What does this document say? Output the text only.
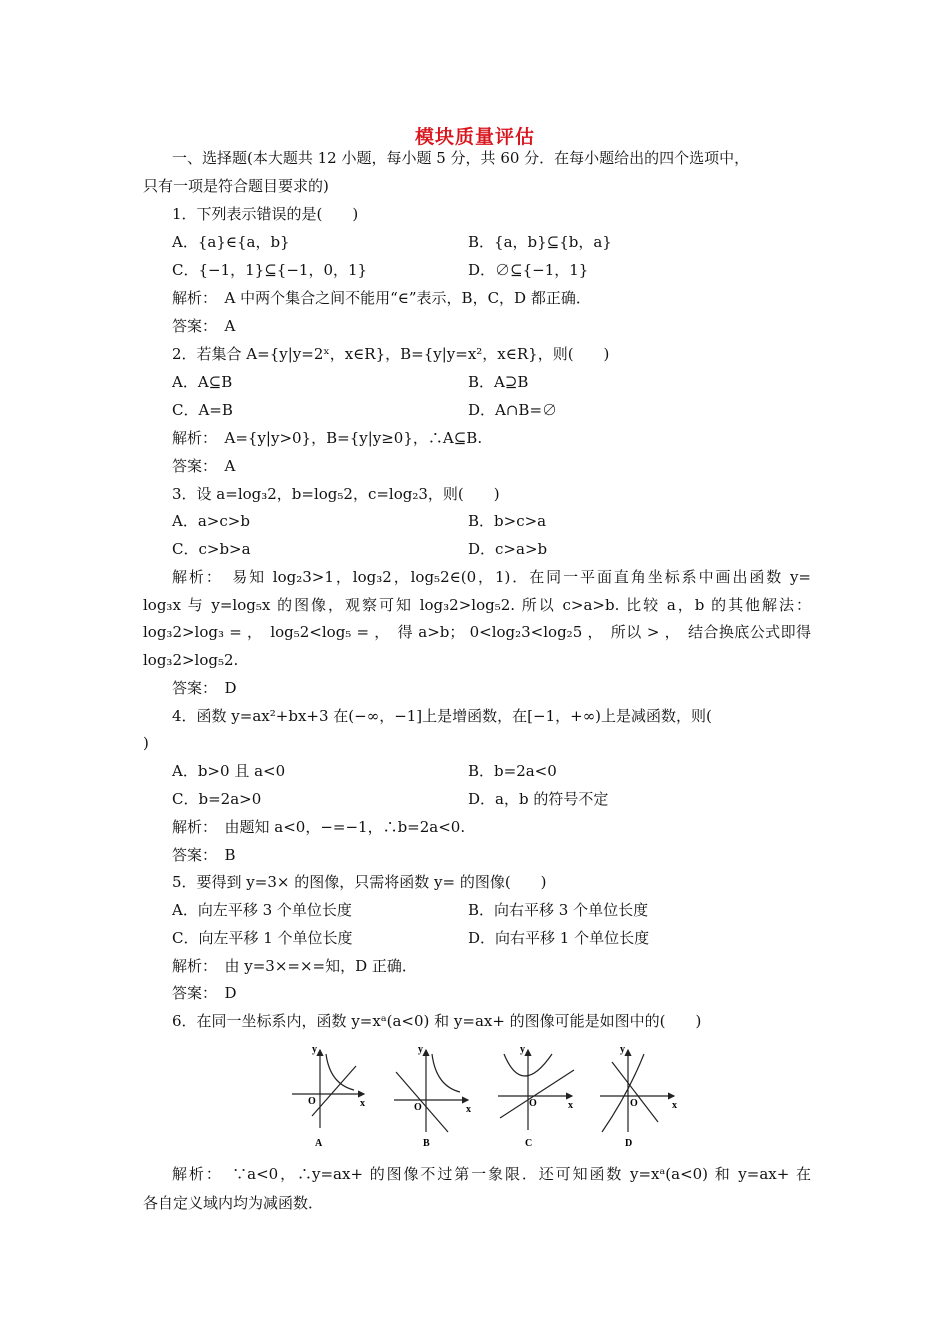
模块质量评估
一、选择题(本大题共 12 小题，每小题 5 分，共 60 分．在每小题给出的四个选项中，
只有一项是符合题目要求的)
1．下列表示错误的是(　　)
A．{a}∈{a，b}	B．{a，b}⊆{b，a}
C．{−1，1}⊆{−1，0，1}	D．∅⊆{−1，1}
解析：　A 中两个集合之间不能用“∈”表示，B，C，D 都正确．
答案：　A
2．若集合 A={y|y=2ˣ，x∈R}，B={y|y=x²，x∈R}，则(　　)
A．A⊆B	B．A⊇B
C．A=B	D．A∩B=∅
解析：　A={y|y>0}，B={y|y≥0}，∴A⊆B.
答案：　A
3．设 a=log₃2，b=log₅2，c=log₂3，则(　　)
A．a>c>b	B．b>c>a
C．c>b>a	D．c>a>b
解析：　易知 log₂3>1，log₃2，log₅2∈(0，1)．在同一平面直角坐标系中画出函数 y=
log₃x 与 y=log₅x 的图像，观察可知 log₃2>log₅2. 所以 c>a>b. 比较 a，b 的其他解法：
log₃2>log₃ = ，　log₅2<log₅ = ，　得 a>b； 0<log₂3<log₂5 ，　所以 > ，　结合换底公式即得
log₃2>log₅2.
答案：　D
4．函数 y=ax²+bx+3 在(−∞，−1]上是增函数，在[−1，+∞)上是减函数，则(
)
A．b>0 且 a<0	B．b=2a<0
C．b=2a>0	D．a，b 的符号不定
解析：　由题知 a<0，−=−1，∴b=2a<0.
答案：　B
5．要得到 y=3× 的图像，只需将函数 y= 的图像(　　)
A．向左平移 3 个单位长度	B．向右平移 3 个单位长度
C．向左平移 1 个单位长度	D．向右平移 1 个单位长度
解析：　由 y=3×=×=知，D 正确．
答案：　D
6．在同一坐标系内，函数 y=xᵃ(a<0) 和 y=ax+ 的图像可能是如图中的(　　)
y
x
O
A
y
x
O
B
y
x
O
C
y
x
O
D
解析：　∵a<0，∴y=ax+ 的图像不过第一象限．还可知函数 y=xᵃ(a<0) 和 y=ax+ 在
各自定义域内均为减函数．
